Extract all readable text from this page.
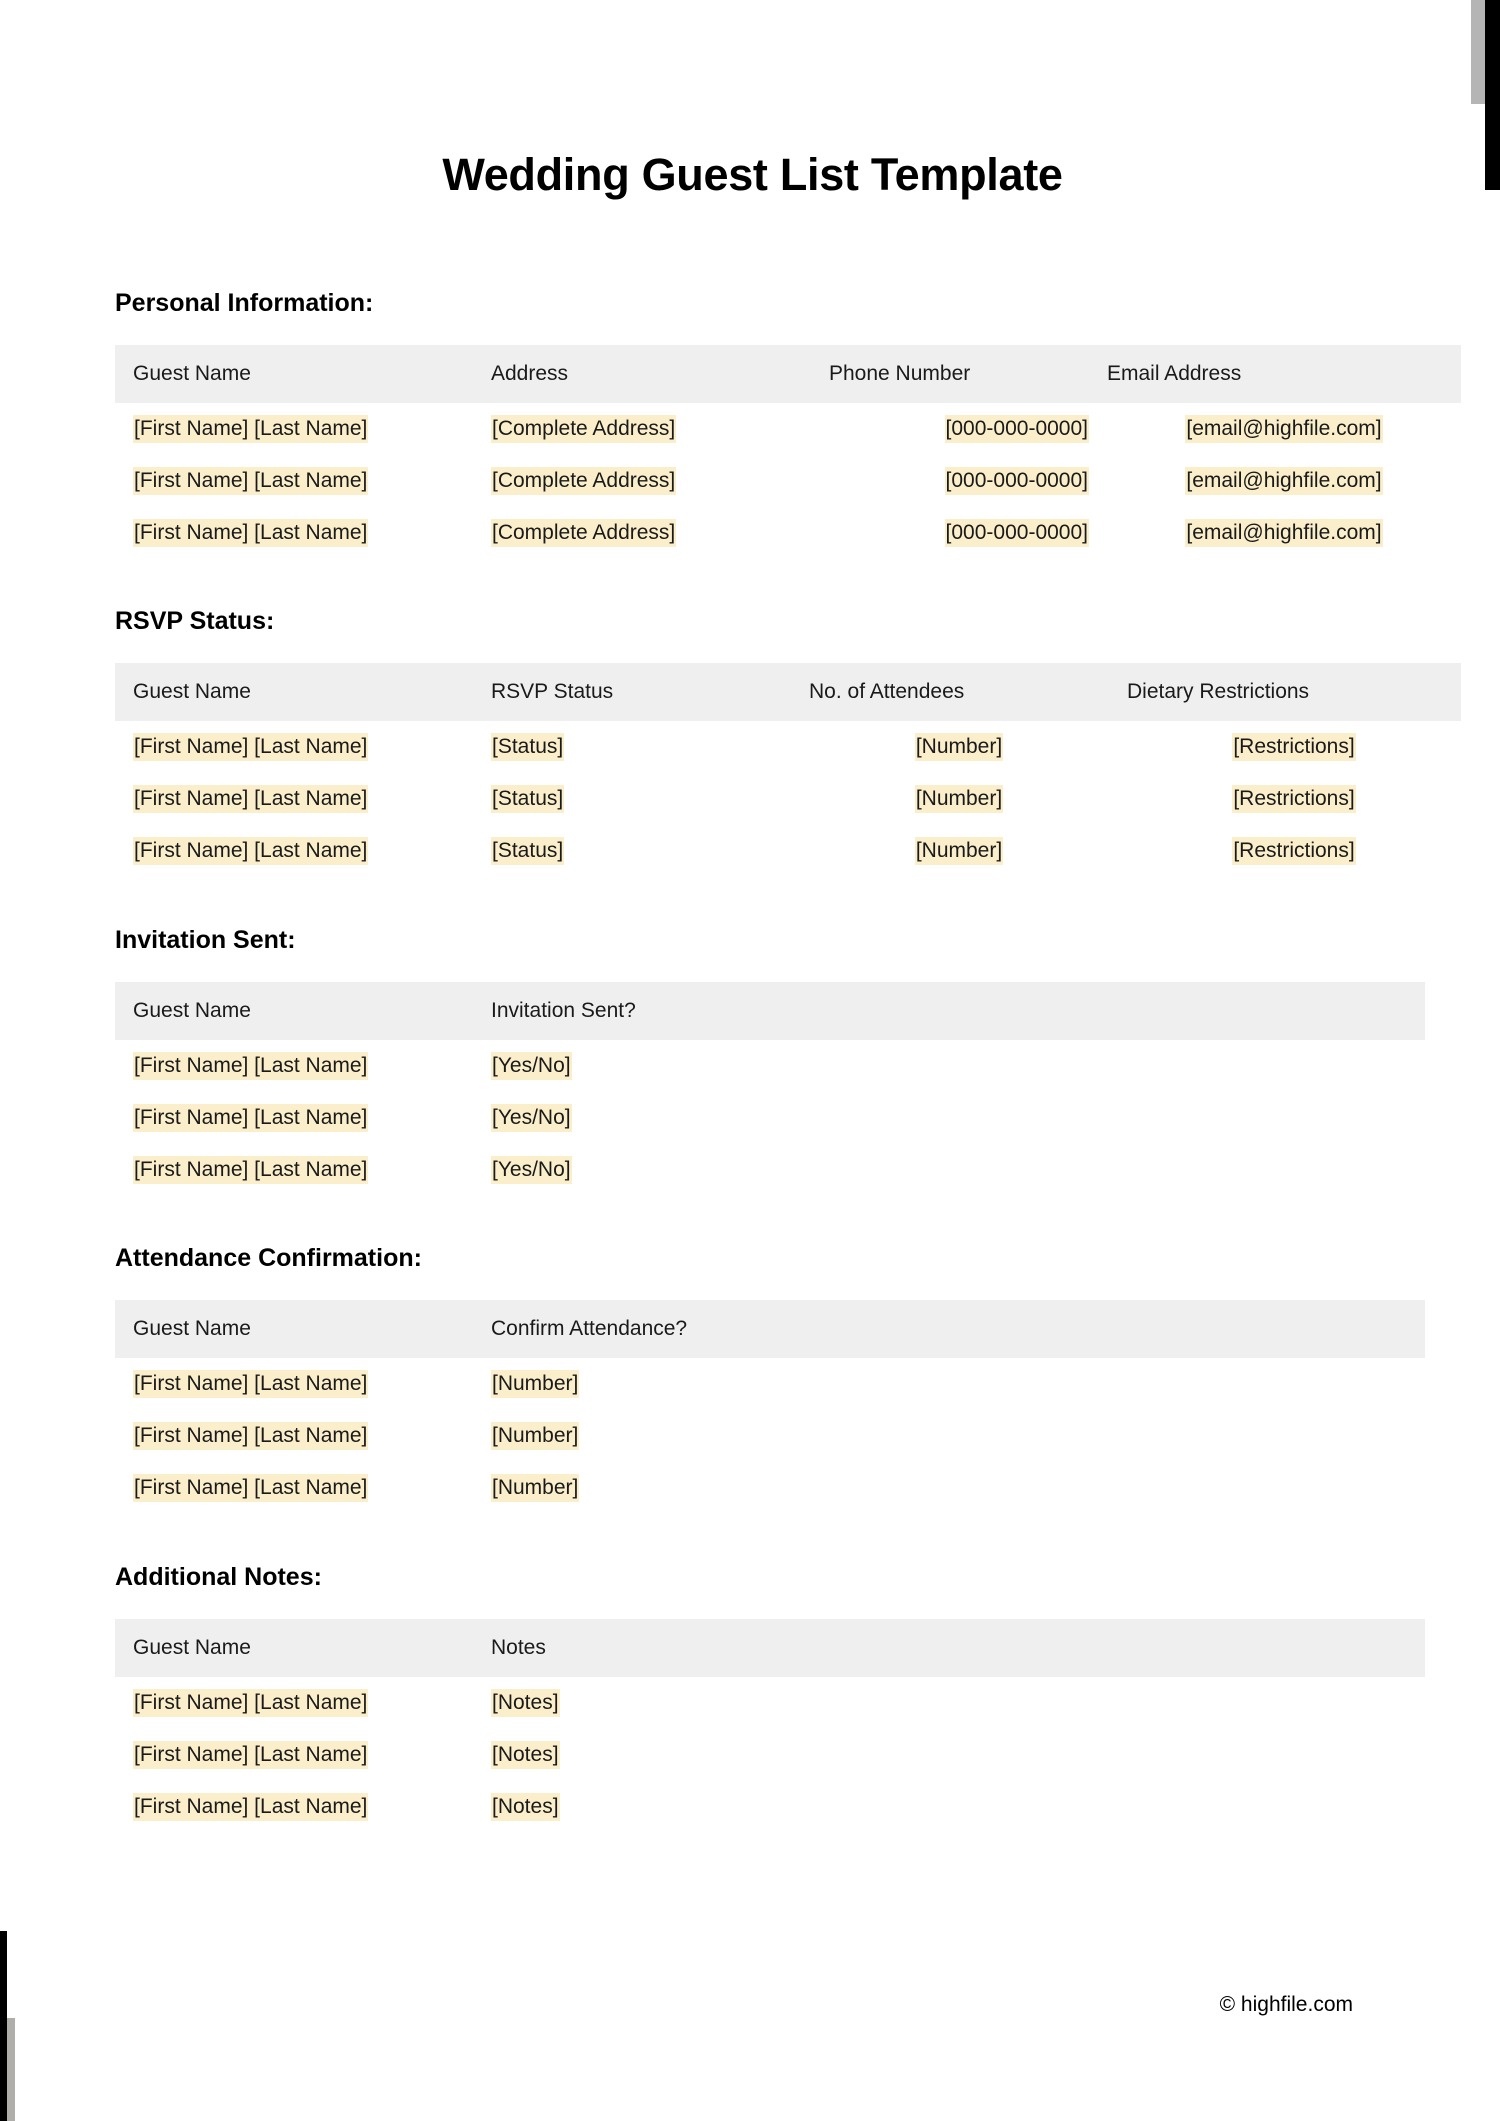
Wedding Guest List Template
Personal Information:
Guest Name	Address	Phone Number	Email Address
[First Name] [Last Name]	[Complete Address]	[000-000-0000]	[email@highfile.com]
[First Name] [Last Name]	[Complete Address]	[000-000-0000]	[email@highfile.com]
[First Name] [Last Name]	[Complete Address]	[000-000-0000]	[email@highfile.com]
RSVP Status:
Guest Name	RSVP Status	No. of Attendees	Dietary Restrictions
[First Name] [Last Name]	[Status]	[Number]	[Restrictions]
[First Name] [Last Name]	[Status]	[Number]	[Restrictions]
[First Name] [Last Name]	[Status]	[Number]	[Restrictions]
Invitation Sent:
Guest Name	Invitation Sent?
[First Name] [Last Name]	[Yes/No]
[First Name] [Last Name]	[Yes/No]
[First Name] [Last Name]	[Yes/No]
Attendance Confirmation:
Guest Name	Confirm Attendance?
[First Name] [Last Name]	[Number]
[First Name] [Last Name]	[Number]
[First Name] [Last Name]	[Number]
Additional Notes:
Guest Name	Notes
[First Name] [Last Name]	[Notes]
[First Name] [Last Name]	[Notes]
[First Name] [Last Name]	[Notes]
© highfile.com
